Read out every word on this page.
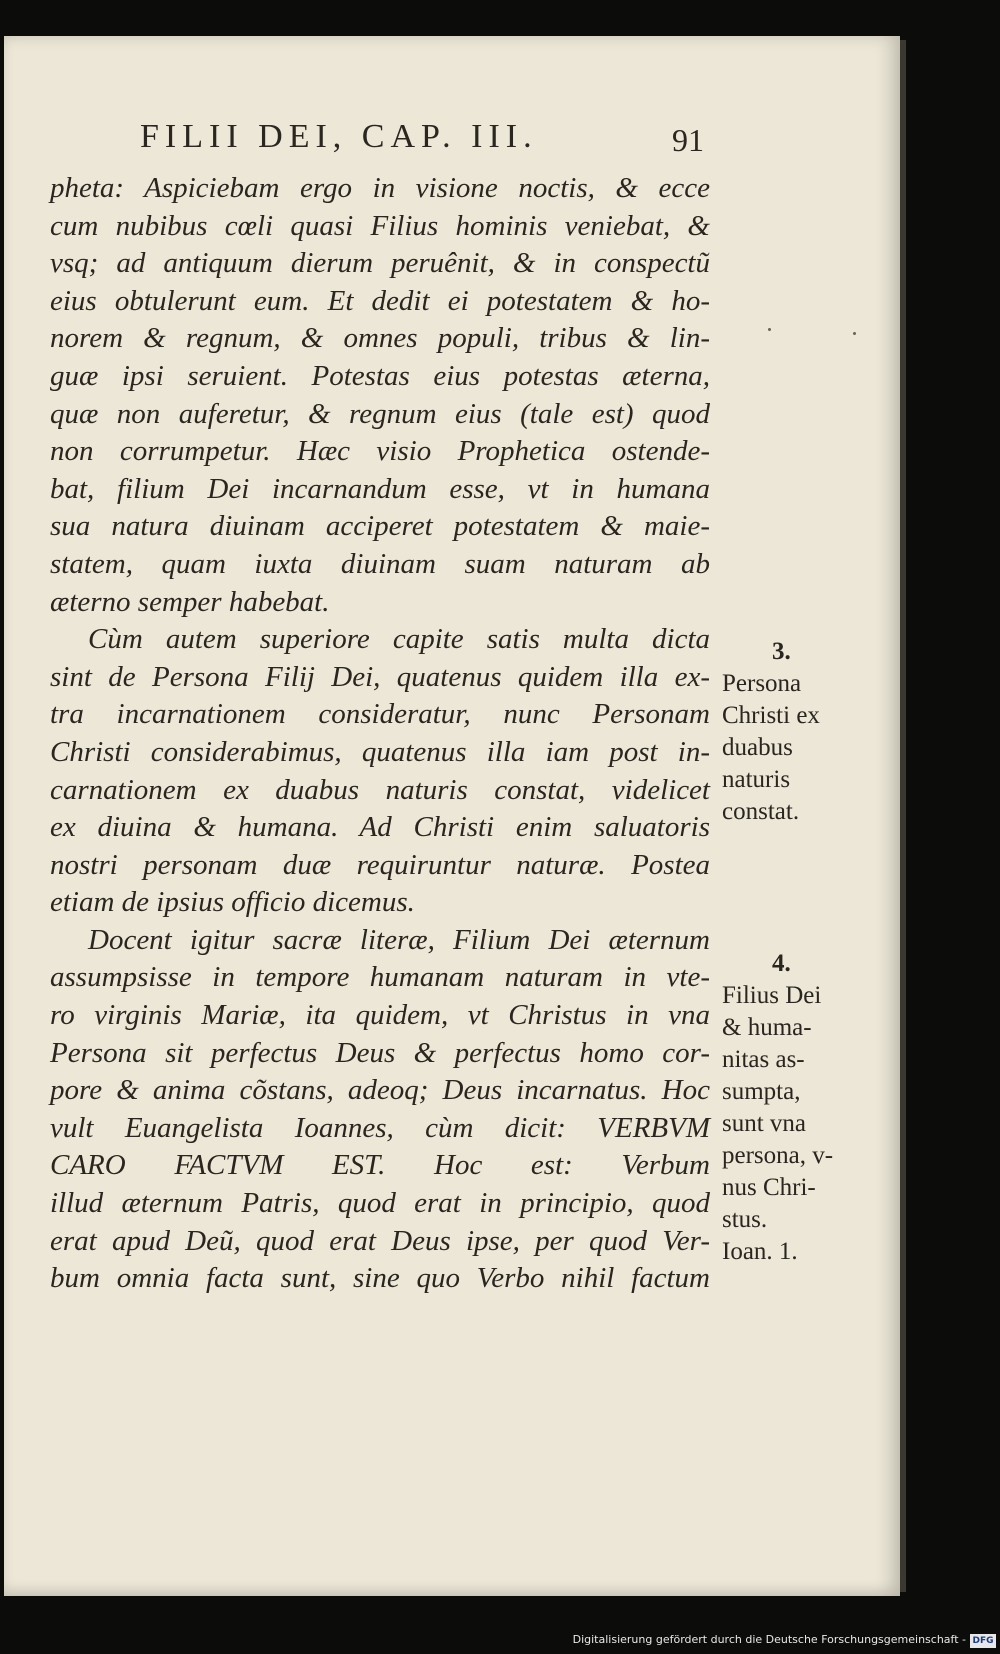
FILII DEI, CAP. III.	91
pheta: Aspiciebam ergo in visione noctis, & ecce
cum nubibus cœli quasi Filius hominis veniebat, &
vsq; ad antiquum dierum peruênit, & in conspectũ
eius obtulerunt eum. Et dedit ei potestatem & ho-
norem & regnum, & omnes populi, tribus & lin-
guæ ipsi seruient. Potestas eius potestas æterna,
quæ non auferetur, & regnum eius (tale est) quod
non corrumpetur. Hæc visio Prophetica ostende-
bat, filium Dei incarnandum esse, vt in humana
sua natura diuinam acciperet potestatem & maie-
statem, quam iuxta diuinam suam naturam ab
æterno semper habebat.
Cùm autem superiore capite satis multa dicta
sint de Persona Filij Dei, quatenus quidem illa ex-
tra incarnationem consideratur, nunc Personam
Christi considerabimus, quatenus illa iam post in-
carnationem ex duabus naturis constat, videlicet
ex diuina & humana. Ad Christi enim saluatoris
nostri personam duæ requiruntur naturæ. Postea
etiam de ipsius officio dicemus.
Docent igitur sacræ literæ, Filium Dei æternum
assumpsisse in tempore humanam naturam in vte-
ro virginis Mariæ, ita quidem, vt Christus in vna
Persona sit perfectus Deus & perfectus homo cor-
pore & anima cõstans, adeoq; Deus incarnatus. Hoc
vult Euangelista Ioannes, cùm dicit: VERBVM
CARO FACTVM EST. Hoc est: Verbum
illud æternum Patris, quod erat in principio, quod
erat apud Deũ, quod erat Deus ipse, per quod Ver-
bum omnia facta sunt, sine quo Verbo nihil factum
3.
Persona
Christi ex
duabus
naturis
constat.
4.
Filius Dei
& huma-
nitas as-
sumpta,
sunt vna
persona, v-
nus Chri-
stus.
Ioan. 1.
Digitalisierung gefördert durch die Deutsche Forschungsgemeinschaft - DFG
